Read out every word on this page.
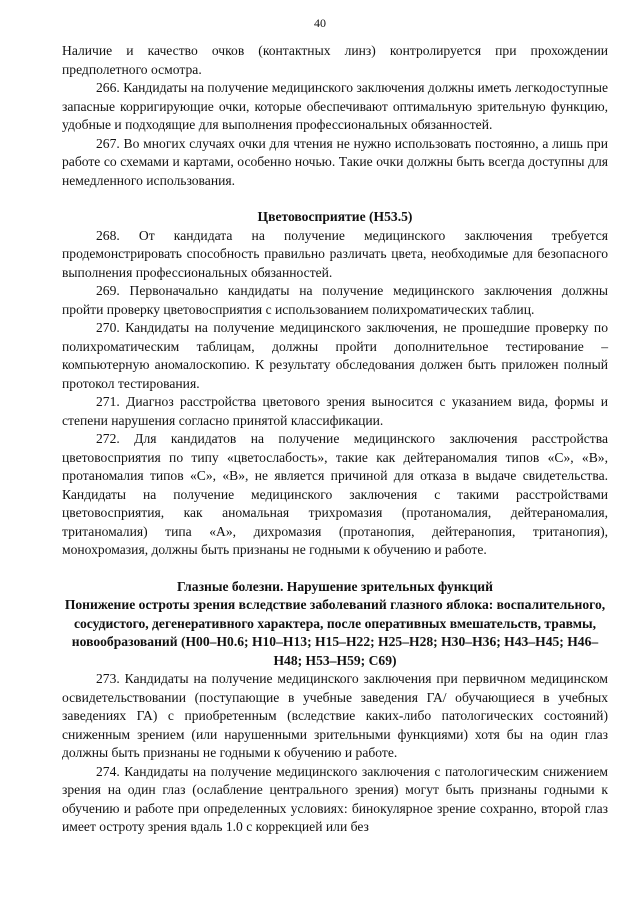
40

Наличие и качество очков (контактных линз) контролируется при прохождении предполетного осмотра.

266. Кандидаты на получение медицинского заключения должны иметь легкодоступные запасные корригирующие очки, которые обеспечивают оптимальную зрительную функцию, удобные и подходящие для выполнения профессиональных обязанностей.

267. Во многих случаях очки для чтения не нужно использовать постоянно, а лишь при работе со схемами и картами, особенно ночью. Такие очки должны быть всегда доступны для немедленного использования.

Цветовосприятие (H53.5)

268. От кандидата на получение медицинского заключения требуется продемонстрировать способность правильно различать цвета, необходимые для безопасного выполнения профессиональных обязанностей.

269. Первоначально кандидаты на получение медицинского заключения должны пройти проверку цветовосприятия с использованием полихроматических таблиц.

270. Кандидаты на получение медицинского заключения, не прошедшие проверку по полихроматическим таблицам, должны пройти дополнительное тестирование – компьютерную аномалоскопию. К результату обследования должен быть приложен полный протокол тестирования.

271. Диагноз расстройства цветового зрения выносится с указанием вида, формы и степени нарушения согласно принятой классификации.

272. Для кандидатов на получение медицинского заключения расстройства цветовосприятия по типу «цветослабость», такие как дейтераномалия типов «С», «В», протаномалия типов «С», «В», не является причиной для отказа в выдаче свидетельства. Кандидаты на получение медицинского заключения с такими расстройствами цветовосприятия, как аномальная трихромазия (протаномалия, дейтераномалия, тританомалия) типа «А», дихромазия (протанопия, дейтеранопия, тританопия), монохромазия, должны быть признаны не годными к обучению и работе.

Глазные болезни. Нарушение зрительных функций

Понижение остроты зрения вследствие заболеваний глазного яблока: воспалительного, сосудистого, дегенеративного характера, после оперативных вмешательств, травмы, новообразований (H00–H0.6; H10–H13; H15–H22; H25–H28; H30–H36; H43–H45; H46–H48; H53–H59; C69)

273. Кандидаты на получение медицинского заключения при первичном медицинском освидетельствовании (поступающие в учебные заведения ГА/ обучающиеся в учебных заведениях ГА) с приобретенным (вследствие каких-либо патологических состояний) сниженным зрением (или нарушенными зрительными функциями) хотя бы на один глаз должны быть признаны не годными к обучению и работе.

274. Кандидаты на получение медицинского заключения с патологическим снижением зрения на один глаз (ослабление центрального зрения) могут быть признаны годными к обучению и работе при определенных условиях: бинокулярное зрение сохранно, второй глаз имеет остроту зрения вдаль 1.0 с коррекцией или без
